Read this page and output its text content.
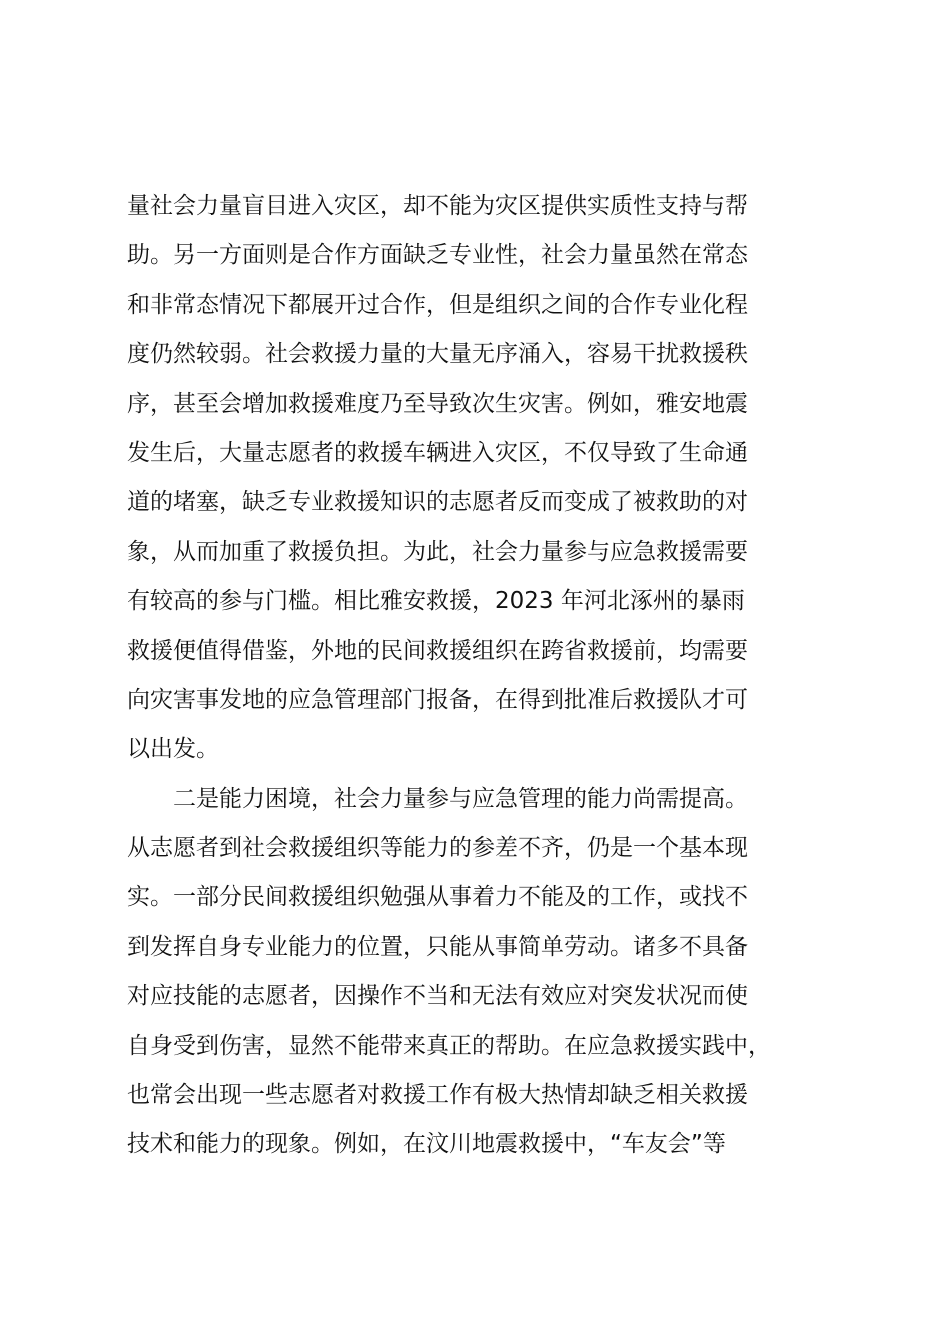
量社会力量盲目进入灾区，却不能为灾区提供实质性支持与帮
助。另一方面则是合作方面缺乏专业性，社会力量虽然在常态
和非常态情况下都展开过合作，但是组织之间的合作专业化程
度仍然较弱。社会救援力量的大量无序涌入，容易干扰救援秩
序，甚至会增加救援难度乃至导致次生灾害。例如，雅安地震
发生后，大量志愿者的救援车辆进入灾区，不仅导致了生命通
道的堵塞，缺乏专业救援知识的志愿者反而变成了被救助的对
象，从而加重了救援负担。为此，社会力量参与应急救援需要
有较高的参与门槛。相比雅安救援，2023 年河北涿州的暴雨
救援便值得借鉴，外地的民间救援组织在跨省救援前，均需要
向灾害事发地的应急管理部门报备，在得到批准后救援队才可
以出发。
二是能力困境，社会力量参与应急管理的能力尚需提高。
从志愿者到社会救援组织等能力的参差不齐，仍是一个基本现
实。一部分民间救援组织勉强从事着力不能及的工作，或找不
到发挥自身专业能力的位置，只能从事简单劳动。诸多不具备
对应技能的志愿者，因操作不当和无法有效应对突发状况而使
自身受到伤害，显然不能带来真正的帮助。在应急救援实践中，
也常会出现一些志愿者对救援工作有极大热情却缺乏相关救援
技术和能力的现象。例如，在汶川地震救援中，“车友会”等
